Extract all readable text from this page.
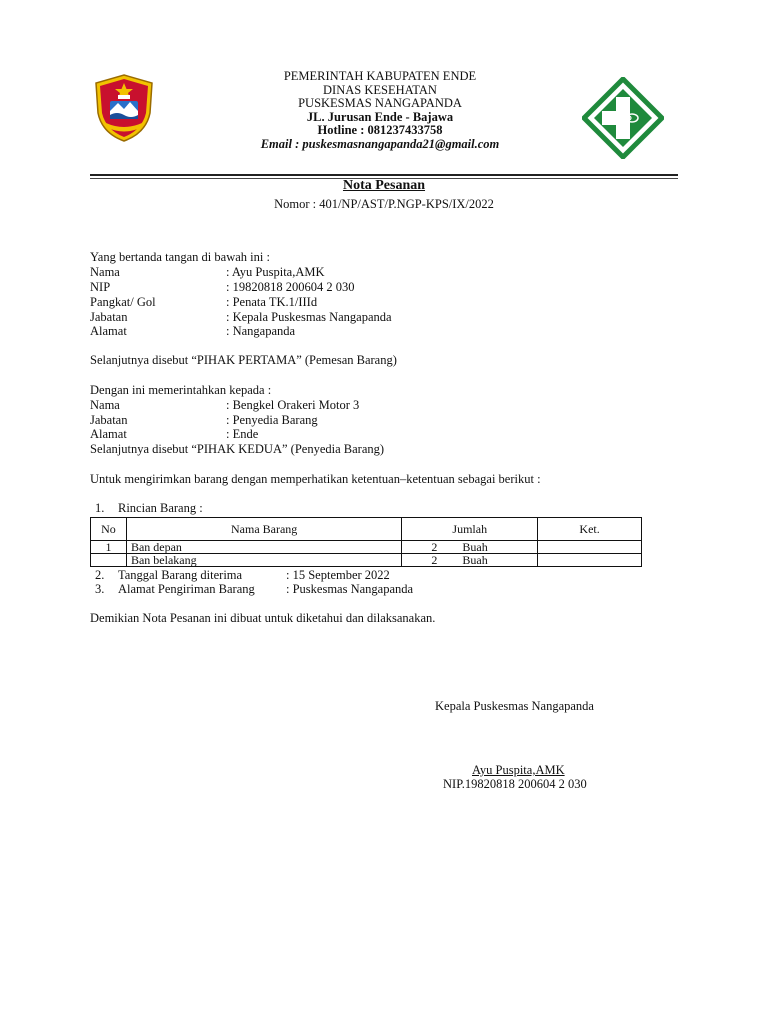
PEMERINTAH KABUPATEN ENDE
DINAS KESEHATAN
PUSKESMAS NANGAPANDA
JL. Jurusan Ende - Bajawa
Hotline : 081237433758
Email : puskesmasnangapanda21@gmail.com
Nota Pesanan
Nomor : 401/NP/AST/P.NGP-KPS/IX/2022
Yang bertanda tangan di bawah ini :
Nama	: Ayu Puspita,AMK
NIP	: 19820818 200604 2 030
Pangkat/ Gol	: Penata TK.1/IIId
Jabatan	: Kepala Puskesmas Nangapanda
Alamat	: Nangapanda
Selanjutnya disebut “PIHAK PERTAMA” (Pemesan Barang)
Dengan ini memerintahkan kepada :
Nama	: Bengkel Orakeri Motor 3
Jabatan	: Penyedia Barang
Alamat	: Ende
Selanjutnya disebut “PIHAK KEDUA” (Penyedia Barang)
Untuk mengirimkan barang dengan memperhatikan ketentuan–ketentuan sebagai berikut :
1. Rincian Barang :
No	Nama Barang	Jumlah	Ket.
1	Ban depan	2 Buah	
	Ban belakang	2 Buah	
2. Tanggal Barang diterima	: 15 September 2022
3. Alamat Pengiriman Barang : Puskesmas Nangapanda
Demikian Nota Pesanan ini dibuat untuk diketahui dan dilaksanakan.
Kepala Puskesmas Nangapanda
Ayu Puspita,AMK
NIP.19820818 200604 2 030
